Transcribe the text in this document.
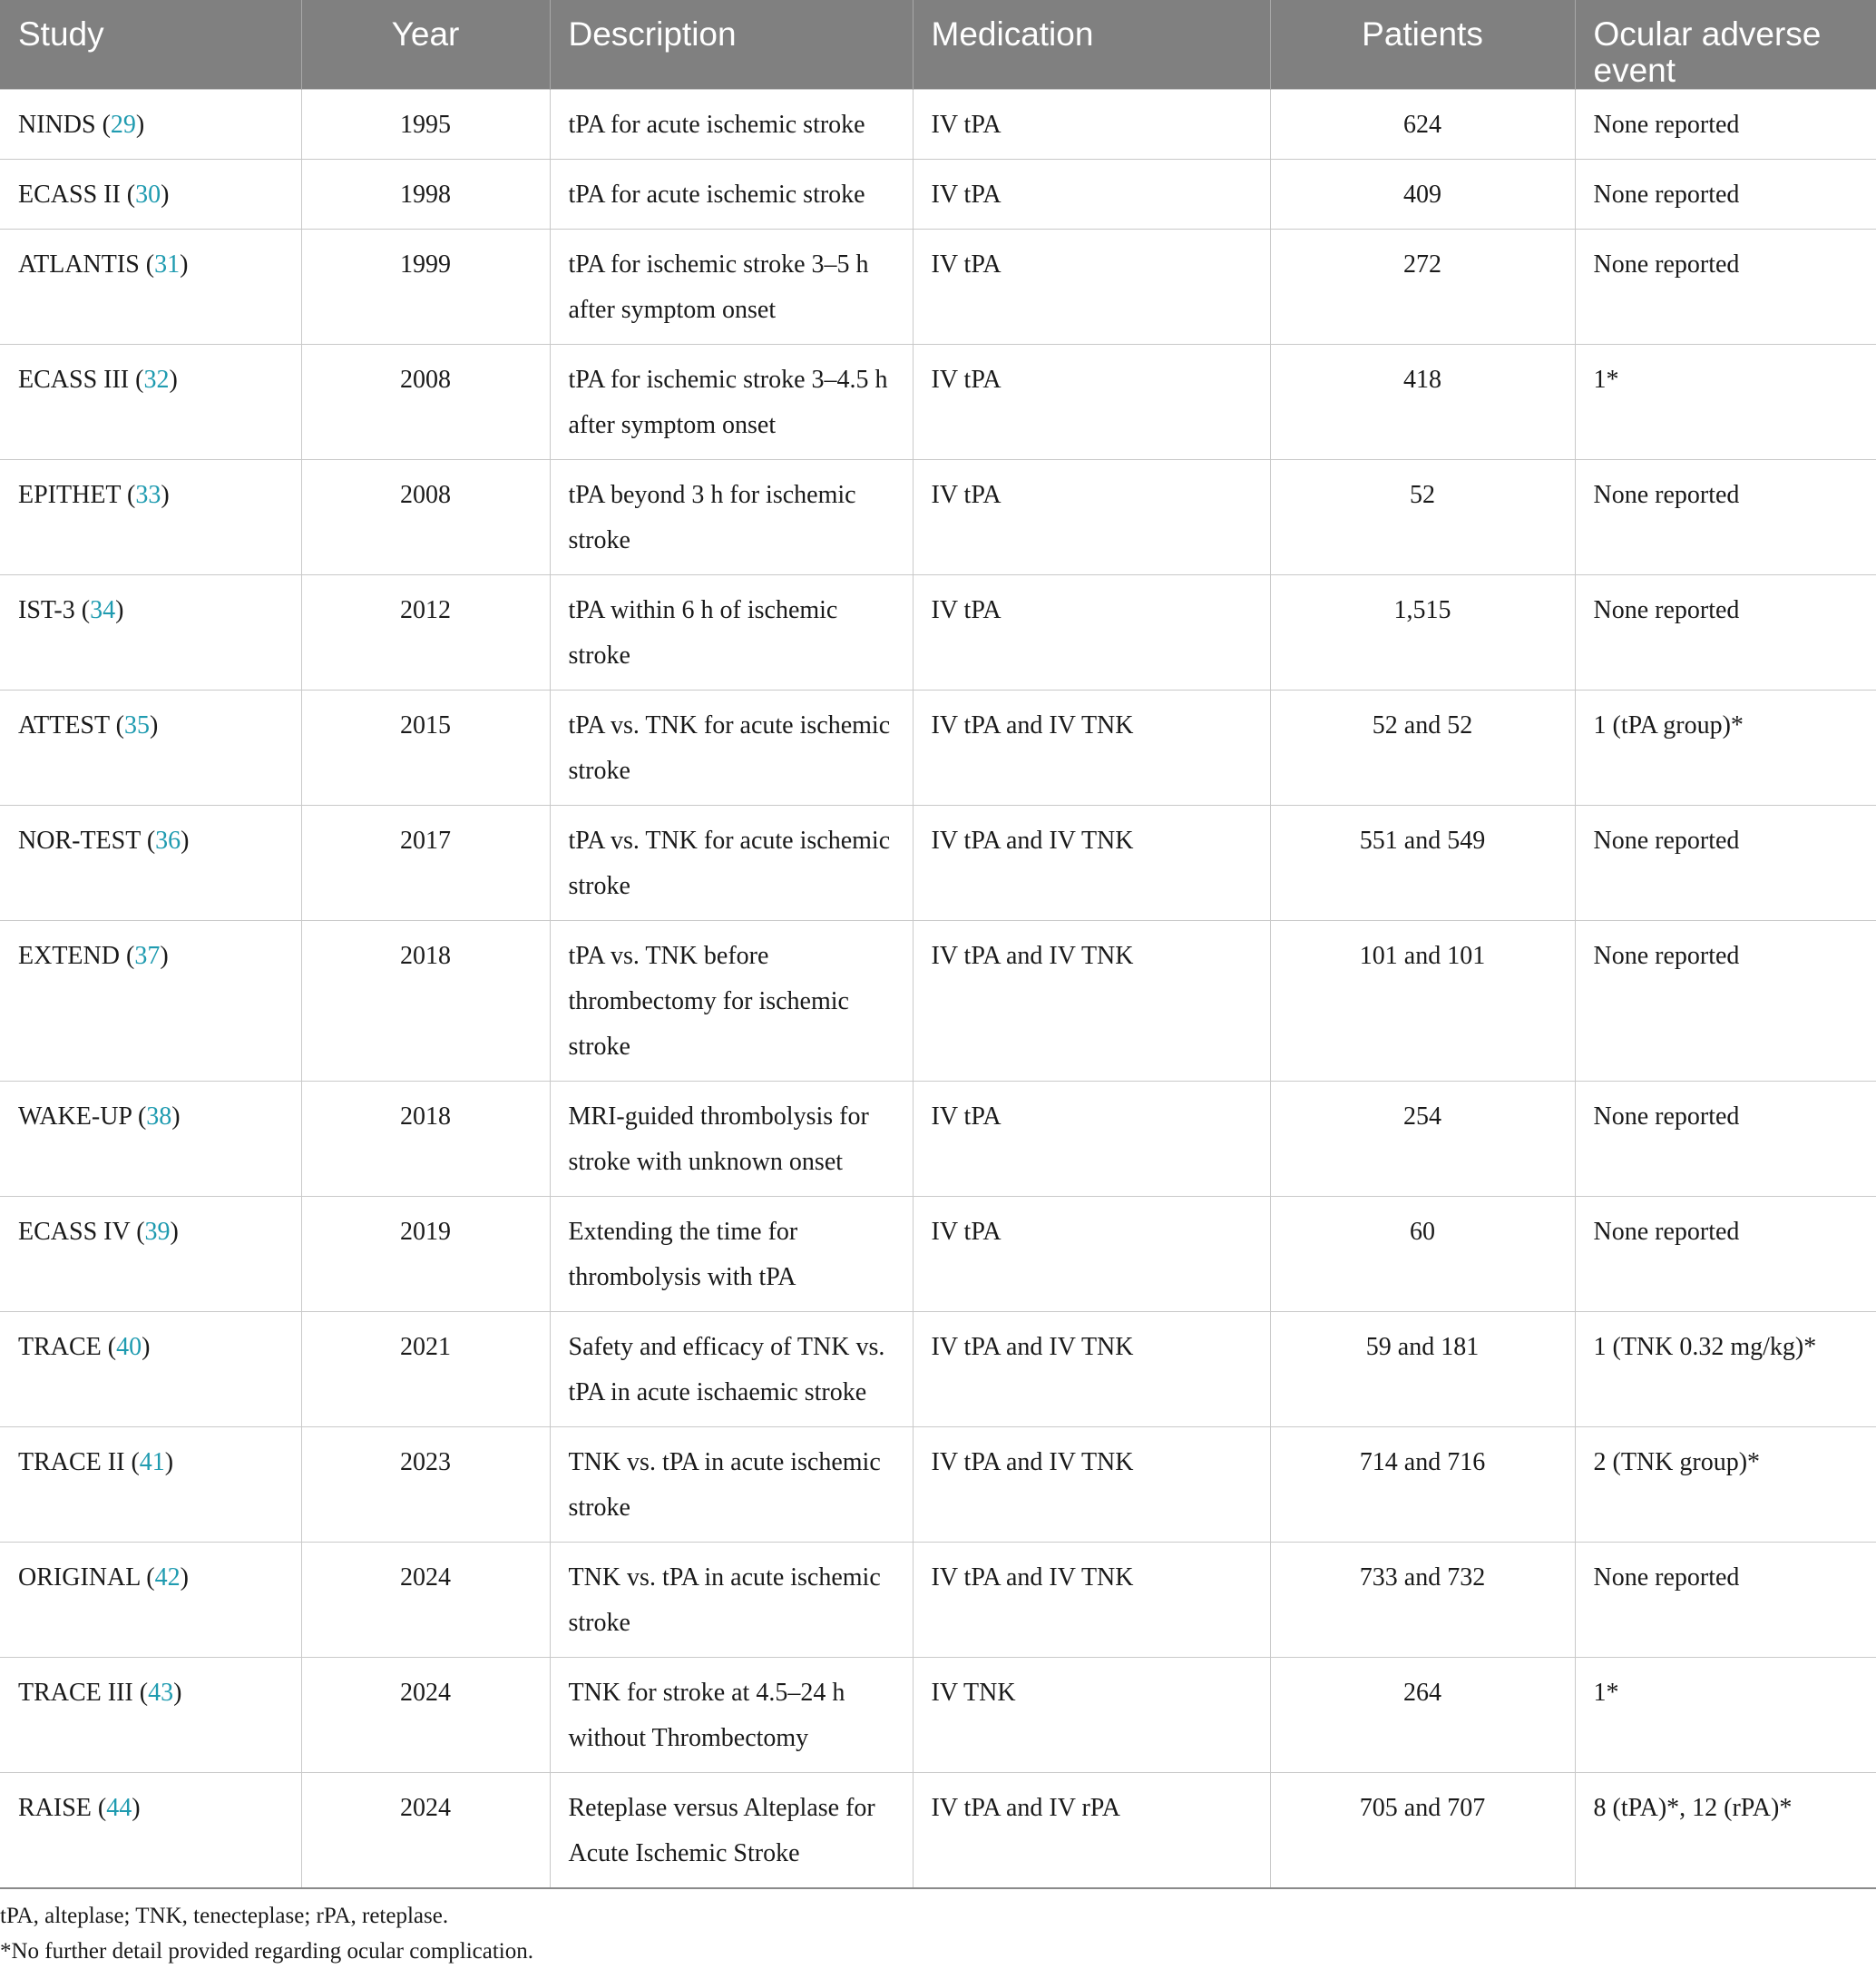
Study	Year	Description	Medication	Patients	Ocular adverse event
NINDS (29)	1995	tPA for acute ischemic stroke	IV tPA	624	None reported
ECASS II (30)	1998	tPA for acute ischemic stroke	IV tPA	409	None reported
ATLANTIS (31)	1999	tPA for ischemic stroke 3–5 h after symptom onset	IV tPA	272	None reported
ECASS III (32)	2008	tPA for ischemic stroke 3–4.5 h after symptom onset	IV tPA	418	1*
EPITHET (33)	2008	tPA beyond 3 h for ischemic stroke	IV tPA	52	None reported
IST-3 (34)	2012	tPA within 6 h of ischemic stroke	IV tPA	1,515	None reported
ATTEST (35)	2015	tPA vs. TNK for acute ischemic stroke	IV tPA and IV TNK	52 and 52	1 (tPA group)*
NOR-TEST (36)	2017	tPA vs. TNK for acute ischemic stroke	IV tPA and IV TNK	551 and 549	None reported
EXTEND (37)	2018	tPA vs. TNK before thrombectomy for ischemic stroke	IV tPA and IV TNK	101 and 101	None reported
WAKE-UP (38)	2018	MRI-guided thrombolysis for stroke with unknown onset	IV tPA	254	None reported
ECASS IV (39)	2019	Extending the time for thrombolysis with tPA	IV tPA	60	None reported
TRACE (40)	2021	Safety and efficacy of TNK vs. tPA in acute ischaemic stroke	IV tPA and IV TNK	59 and 181	1 (TNK 0.32 mg/kg)*
TRACE II (41)	2023	TNK vs. tPA in acute ischemic stroke	IV tPA and IV TNK	714 and 716	2 (TNK group)*
ORIGINAL (42)	2024	TNK vs. tPA in acute ischemic stroke	IV tPA and IV TNK	733 and 732	None reported
TRACE III (43)	2024	TNK for stroke at 4.5–24 h without Thrombectomy	IV TNK	264	1*
RAISE (44)	2024	Reteplase versus Alteplase for Acute Ischemic Stroke	IV tPA and IV rPA	705 and 707	8 (tPA)*, 12 (rPA)*
tPA, alteplase; TNK, tenecteplase; rPA, reteplase.
*No further detail provided regarding ocular complication.
